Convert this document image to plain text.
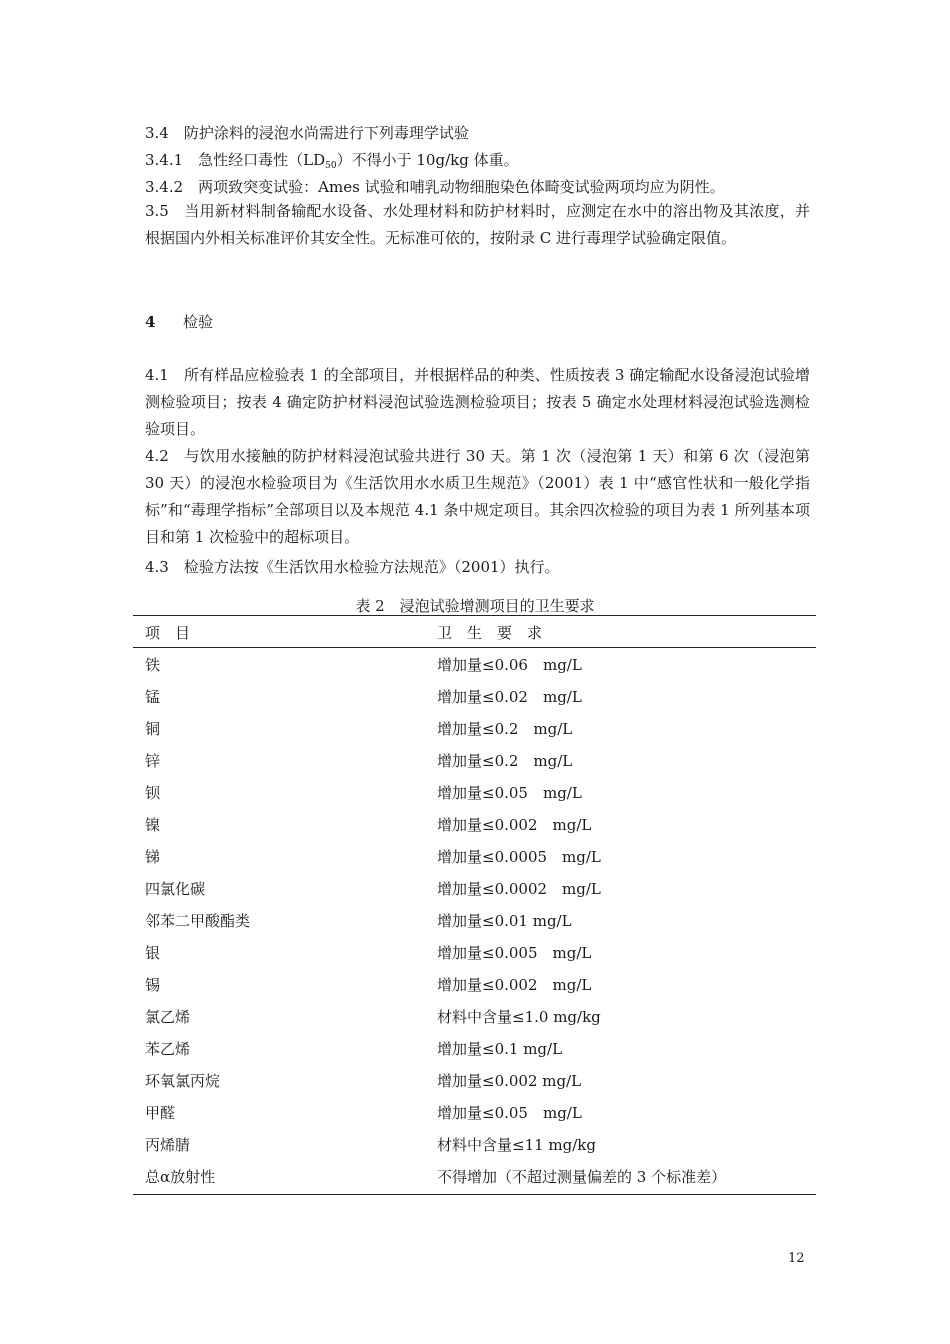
3.4　防护涂料的浸泡水尚需进行下列毒理学试验
3.4.1　急性经口毒性$(LD_{50})$不得小于 10g/kg 体重。
3.4.2　两项致突变试验：Ames 试验和哺乳动物细胞染色体畸变试验两项均应为阴性。
3.5　当用新材料制备输配水设备、水处理材料和防护材料时，应测定在水中的溶出物及其浓度，并根据国内外相关标准评价其安全性。无标准可依的，按附录 C 进行毒理学试验确定限值。
4 检验
4.1　所有样品应检验表 1 的全部项目，并根据样品的种类、性质按表 3 确定输配水设备浸泡试验增测检验项目；按表 4 确定防护材料浸泡试验选测检验项目；按表 5 确定水处理材料浸泡试验选测检验项目。
4.2　与饮用水接触的防护材料浸泡试验共进行 30 天。第 1 次（浸泡第 1 天）和第 6 次（浸泡第 30 天）的浸泡水检验项目为《生活饮用水水质卫生规范》（2001）表 1 中“感官性状和一般化学指标”和“毒理学指标”全部项目以及本规范 4.1 条中规定项目。其余四次检验的项目为表 1 所列基本项目和第 1 次检验中的超标项目。
4.3　检验方法按《生活饮用水检验方法规范》（2001）执行。
表 2　浸泡试验增测项目的卫生要求
项　目	卫　生　要　求
铁	增加量≤0.06　mg/L
锰	增加量≤0.02　mg/L
铜	增加量≤0.2　mg/L
锌	增加量≤0.2　mg/L
钡	增加量≤0.05　mg/L
镍	增加量≤0.002　mg/L
锑	增加量≤0.0005　mg/L
四氯化碳	增加量≤0.0002　mg/L
邻苯二甲酸酯类	增加量≤0.01 mg/L
银	增加量≤0.005　mg/L
锡	增加量≤0.002　mg/L
氯乙烯	材料中含量≤1.0 mg/kg
苯乙烯	增加量≤0.1 mg/L
环氧氯丙烷	增加量≤0.002 mg/L
甲醛	增加量≤0.05　mg/L
丙烯腈	材料中含量≤11 mg/kg
总α放射性	不得增加（不超过测量偏差的 3 个标准差）
12
